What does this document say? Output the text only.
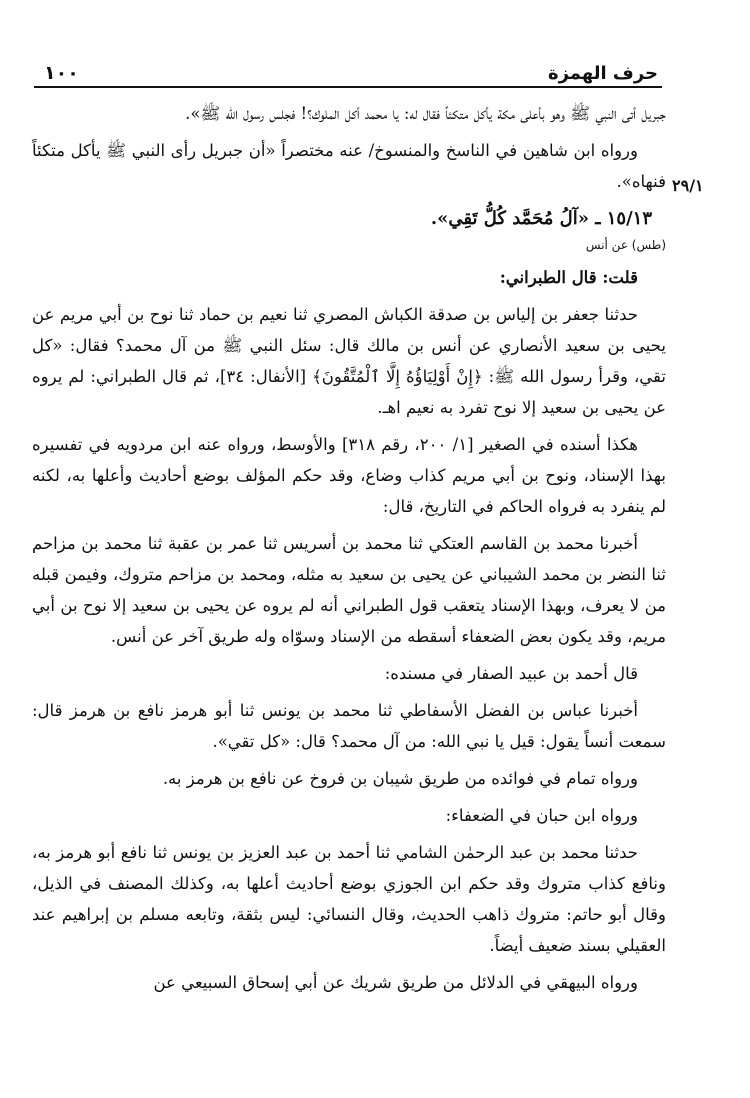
١٠٠	حرف الهمزة
٢٩/١

جبريل أتى النبي ﷺ وهو بأعلى مكة يأكل متكئاً فقال له: يا محمد أكل الملوك؟! فجلس رسول الله ﷺ».

ورواه ابن شاهين في الناسخ والمنسوخ/ عنه مختصراً «أن جبريل رأى النبي ﷺ يأكل متكئاً فنهاه».

١٥/١٣ ـ «آلُ مُحَمَّد كُلُّ تَقِي».

(طس) عن أنس

قلت: قال الطبراني:

حدثنا جعفر بن إلياس بن صدقة الكباش المصري ثنا نعيم بن حماد ثنا نوح بن أبي مريم عن يحيى بن سعيد الأنصاري عن أنس بن مالك قال: سئل النبي ﷺ من آل محمد؟ فقال: «كل تقي، وقرأ رسول الله ﷺ: ﴿إِنْ أَوْلِيَاؤُهُ إِلَّا ٱلْمُتَّقُونَ﴾ [الأنفال: ٣٤]، ثم قال الطبراني: لم يروه عن يحيى بن سعيد إلا نوح تفرد به نعيم اهـ.

هكذا أسنده في الصغير [١/ ٢٠٠، رقم ٣١٨] والأوسط، ورواه عنه ابن مردويه في تفسيره بهذا الإسناد، ونوح بن أبي مريم كذاب وضاع، وقد حكم المؤلف بوضع أحاديث وأعلها به، لكنه لم ينفرد به فرواه الحاكم في التاريخ، قال:

أخبرنا محمد بن القاسم العتكي ثنا محمد بن أسريس ثنا عمر بن عقبة ثنا محمد بن مزاحم ثنا النضر بن محمد الشيباني عن يحيى بن سعيد به مثله، ومحمد بن مزاحم متروك، وفيمن قبله من لا يعرف، وبهذا الإسناد يتعقب قول الطبراني أنه لم يروه عن يحيى بن سعيد إلا نوح بن أبي مريم، وقد يكون بعض الضعفاء أسقطه من الإسناد وسوّاه وله طريق آخر عن أنس.

قال أحمد بن عبيد الصفار في مسنده:

أخبرنا عباس بن الفضل الأسفاطي ثنا محمد بن يونس ثنا أبو هرمز نافع بن هرمز قال: سمعت أنساً يقول: قيل يا نبي الله: من آل محمد؟ قال: «كل تقي».

ورواه تمام في فوائده من طريق شيبان بن فروخ عن نافع بن هرمز به.

ورواه ابن حبان في الضعفاء:

حدثنا محمد بن عبد الرحمٰن الشامي ثنا أحمد بن عبد العزيز بن يونس ثنا نافع أبو هرمز به، ونافع كذاب متروك وقد حكم ابن الجوزي بوضع أحاديث أعلها به، وكذلك المصنف في الذيل، وقال أبو حاتم: متروك ذاهب الحديث، وقال النسائي: ليس بثقة، وتابعه مسلم بن إبراهيم عند العقيلي بسند ضعيف أيضاً.

ورواه البيهقي في الدلائل من طريق شريك عن أبي إسحاق السبيعي عن
